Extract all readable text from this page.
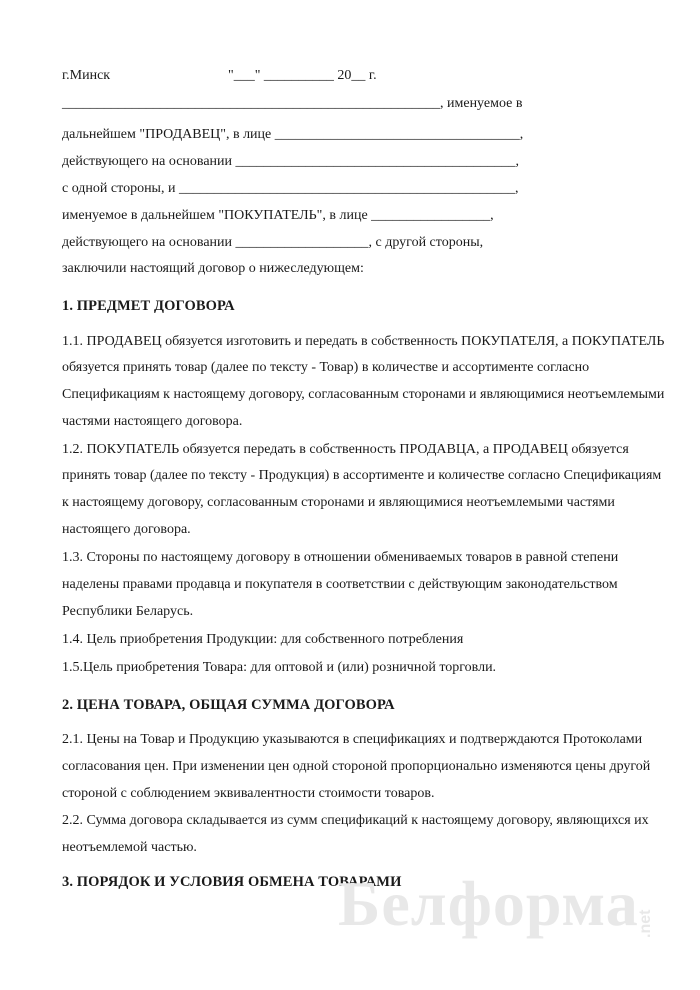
г.Минск	"___" __________ 20__ г.
______________________________________________________, именуемое в
дальнейшем "ПРОДАВЕЦ", в лице ___________________________________,
действующего на основании ________________________________________,
с одной стороны, и ________________________________________________,
именуемое в дальнейшем "ПОКУПАТЕЛЬ", в лице _________________,
действующего на основании ___________________, с другой стороны,
заключили настоящий договор о нижеследующем:
1. ПРЕДМЕТ ДОГОВОРА
1.1. ПРОДАВЕЦ обязуется изготовить и передать в собственность ПОКУПАТЕЛЯ, а ПОКУПАТЕЛЬ
обязуется принять товар (далее по тексту - Товар) в количестве и ассортименте согласно
Спецификациям к настоящему договору, согласованным сторонами и являющимися неотъемлемыми
частями настоящего договора.
1.2. ПОКУПАТЕЛЬ обязуется передать в собственность ПРОДАВЦА, а ПРОДАВЕЦ обязуется
принять товар (далее по тексту - Продукция) в ассортименте и количестве согласно Спецификациям
к настоящему договору, согласованным сторонами и являющимися неотъемлемыми частями
настоящего договора.
1.3. Стороны по настоящему договору в отношении обмениваемых товаров в равной степени
наделены правами продавца и покупателя в соответствии с действующим законодательством
Республики Беларусь.
1.4. Цель приобретения Продукции: для собственного потребления
1.5.Цель приобретения Товара: для оптовой и (или) розничной торговли.
2. ЦЕНА ТОВАРА, ОБЩАЯ СУММА ДОГОВОРА
2.1. Цены на Товар и Продукцию указываются в спецификациях и подтверждаются Протоколами
согласования цен. При изменении цен одной стороной пропорционально изменяются цены другой
стороной с соблюдением эквивалентности стоимости товаров.
2.2. Сумма договора складывается из сумм спецификаций к настоящему договору, являющихся их
неотъемлемой частью.
3. ПОРЯДОК И УСЛОВИЯ ОБМЕНА ТОВАРАМИ
Белформа
.net
